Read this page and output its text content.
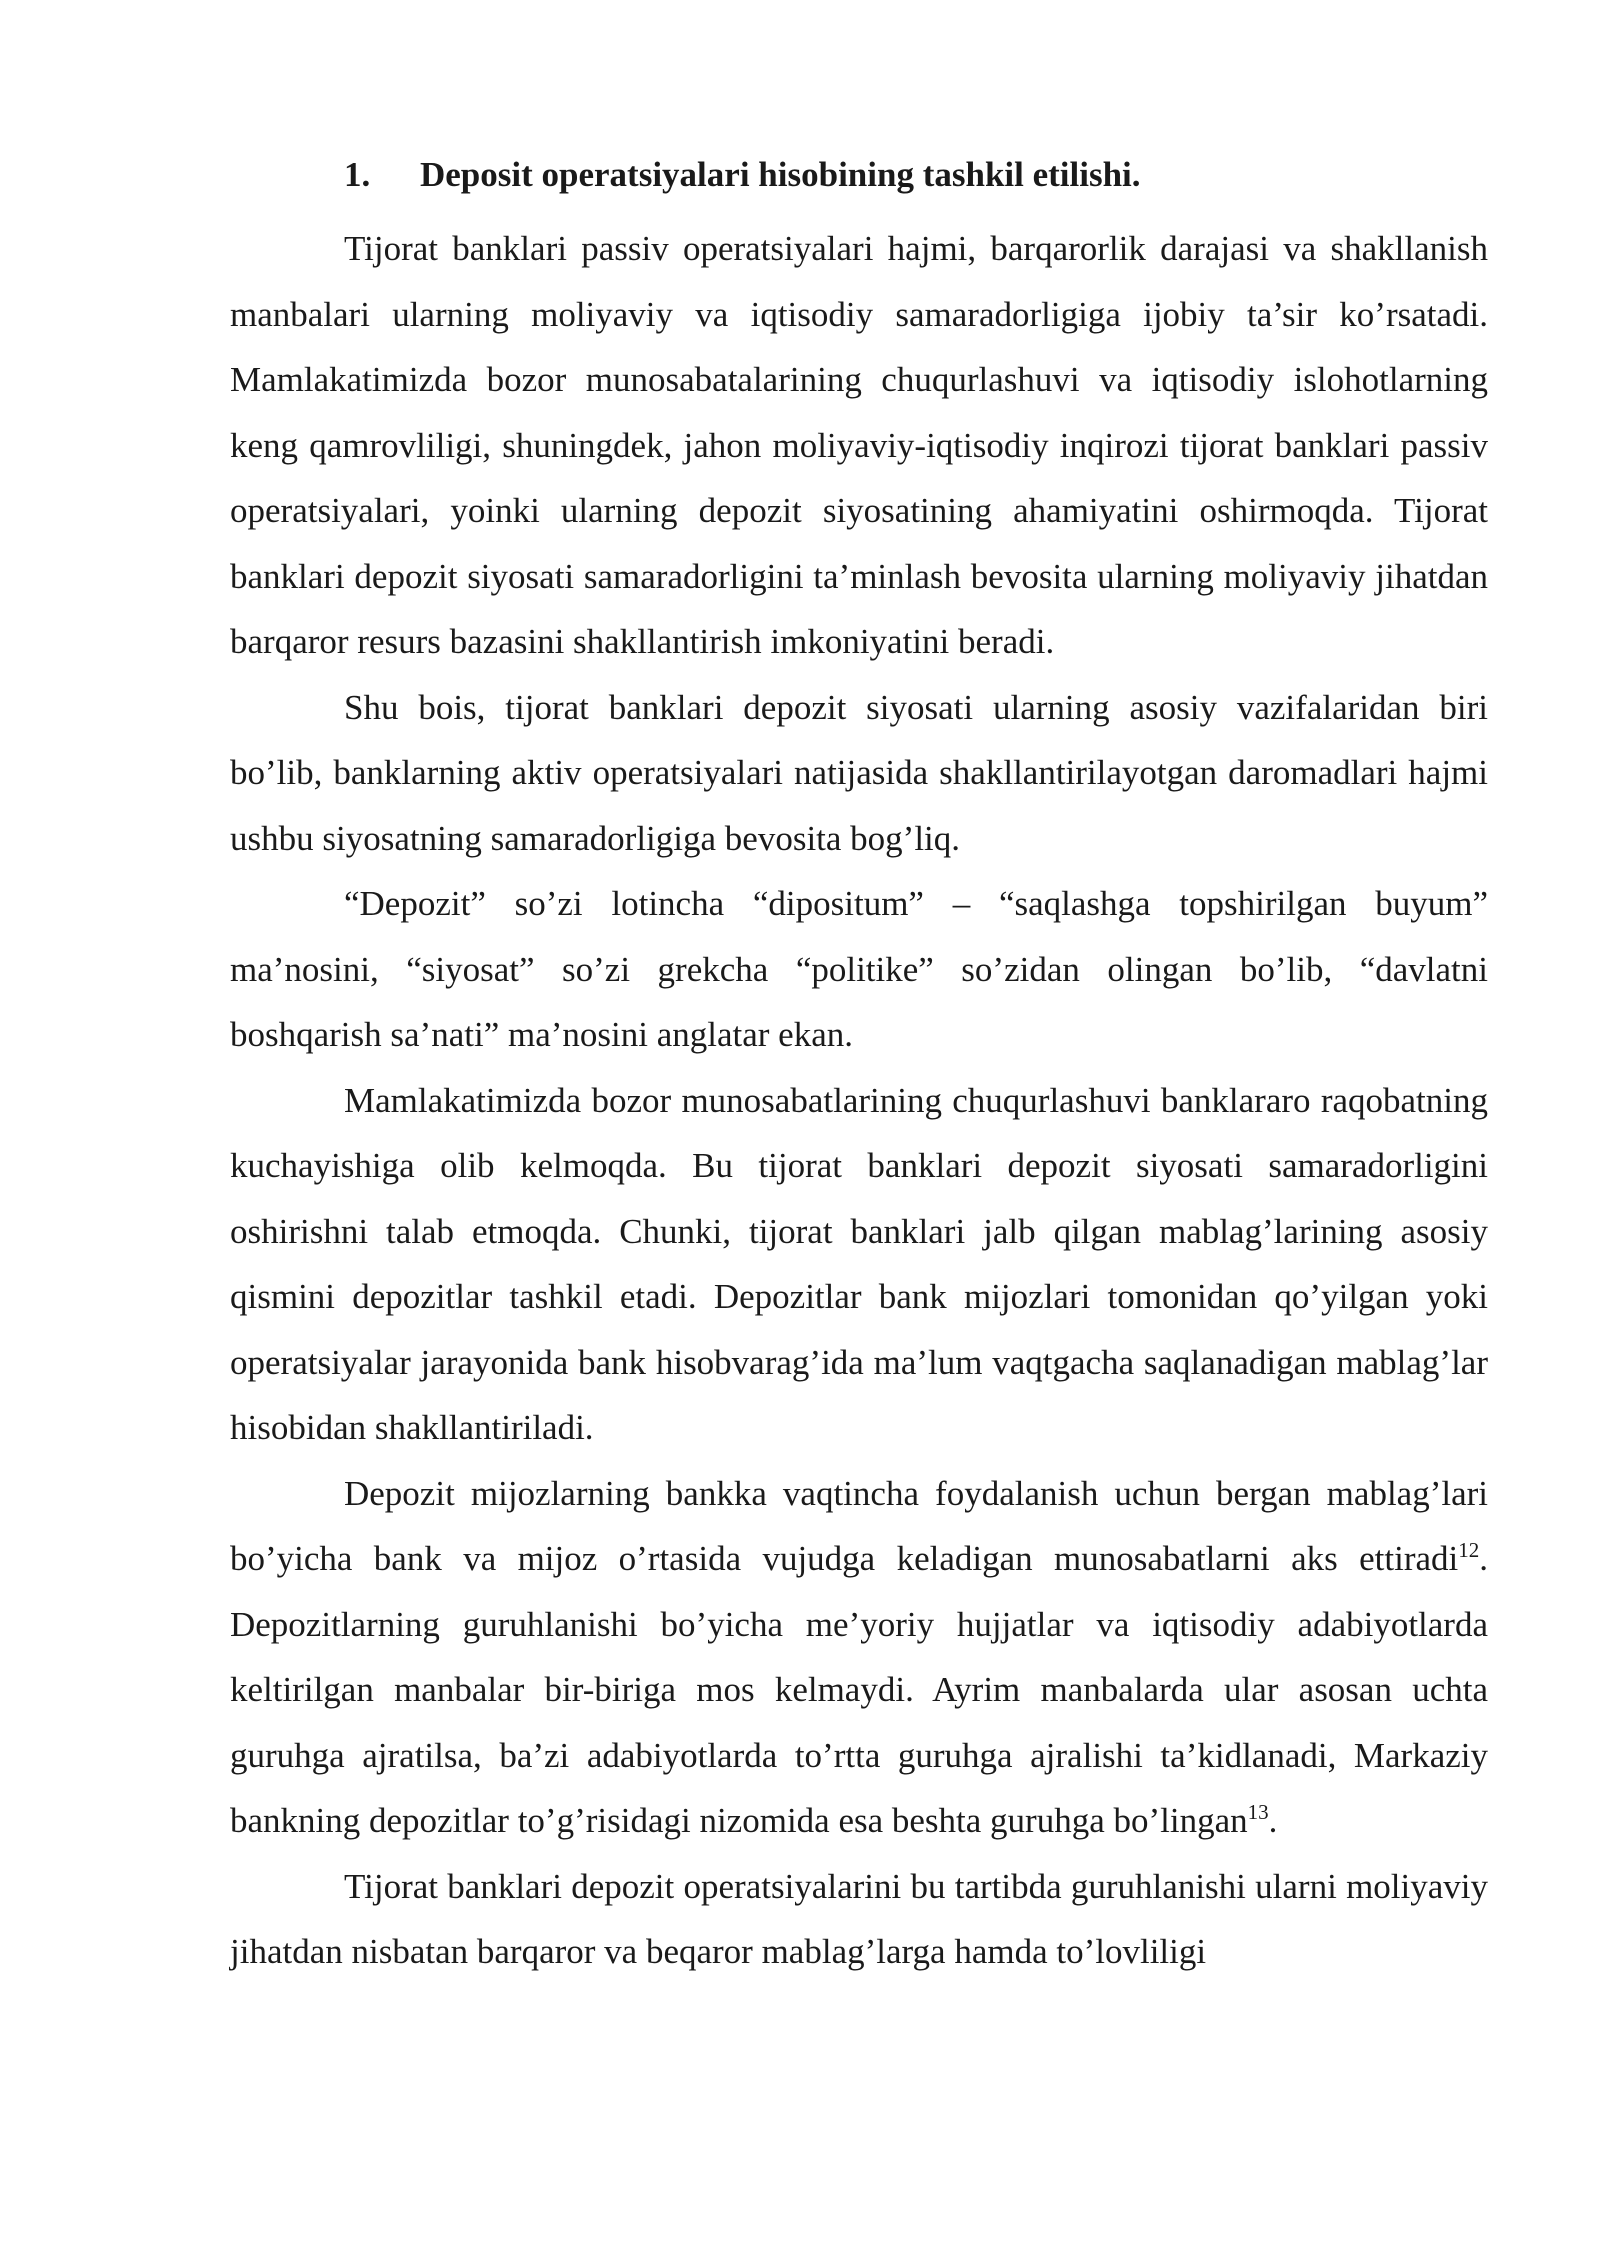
1. Deposit operatsiyalari hisobining tashkil etilishi.

Tijorat banklari passiv operatsiyalari hajmi, barqarorlik darajasi va shakllanish manbalari ularning moliyaviy va iqtisodiy samaradorligiga ijobiy ta’sir ko’rsatadi. Mamlakatimizda bozor munosabatalarining chuqurlashuvi va iqtisodiy islohotlarning keng qamrovliligi, shuningdek, jahon moliyaviy-iqtisodiy inqirozi tijorat banklari passiv operatsiyalari, yoinki ularning depozit siyosatining ahamiyatini oshirmoqda. Tijorat banklari depozit siyosati samaradorligini ta’minlash bevosita ularning moliyaviy jihatdan barqaror resurs bazasini shakllantirish imkoniyatini beradi.

Shu bois, tijorat banklari depozit siyosati ularning asosiy vazifalaridan biri bo’lib, banklarning aktiv operatsiyalari natijasida shakllantirilayotgan daromadlari hajmi ushbu siyosatning samaradorligiga bevosita bog’liq.

“Depozit” so’zi lotincha “dipositum” – “saqlashga topshirilgan buyum” ma’nosini, “siyosat” so’zi grekcha “politike” so’zidan olingan bo’lib, “davlatni boshqarish sa’nati” ma’nosini anglatar ekan.

Mamlakatimizda bozor munosabatlarining chuqurlashuvi banklararo raqobatning kuchayishiga olib kelmoqda. Bu tijorat banklari depozit siyosati samaradorligini oshirishni talab etmoqda. Chunki, tijorat banklari jalb qilgan mablag’larining asosiy qismini depozitlar tashkil etadi. Depozitlar bank mijozlari tomonidan qo’yilgan yoki operatsiyalar jarayonida bank hisobvarag’ida ma’lum vaqtgacha saqlanadigan mablag’lar hisobidan shakllantiriladi.

Depozit mijozlarning bankka vaqtincha foydalanish uchun bergan mablag’lari bo’yicha bank va mijoz o’rtasida vujudga keladigan munosabatlarni aks ettiradi$^{12}$. Depozitlarning guruhlanishi bo’yicha me’yoriy hujjatlar va iqtisodiy adabiyotlarda keltirilgan manbalar bir-biriga mos kelmaydi. Ayrim manbalarda ular asosan uchta guruhga ajratilsa, ba’zi adabiyotlarda to’rtta guruhga ajralishi ta’kidlanadi, Markaziy bankning depozitlar to’g’risidagi nizomida esa beshta guruhga bo’lingan$^{13}$.

Tijorat banklari depozit operatsiyalarini bu tartibda guruhlanishi ularni moliyaviy jihatdan nisbatan barqaror va beqaror mablag’larga hamda to’lovliligi
